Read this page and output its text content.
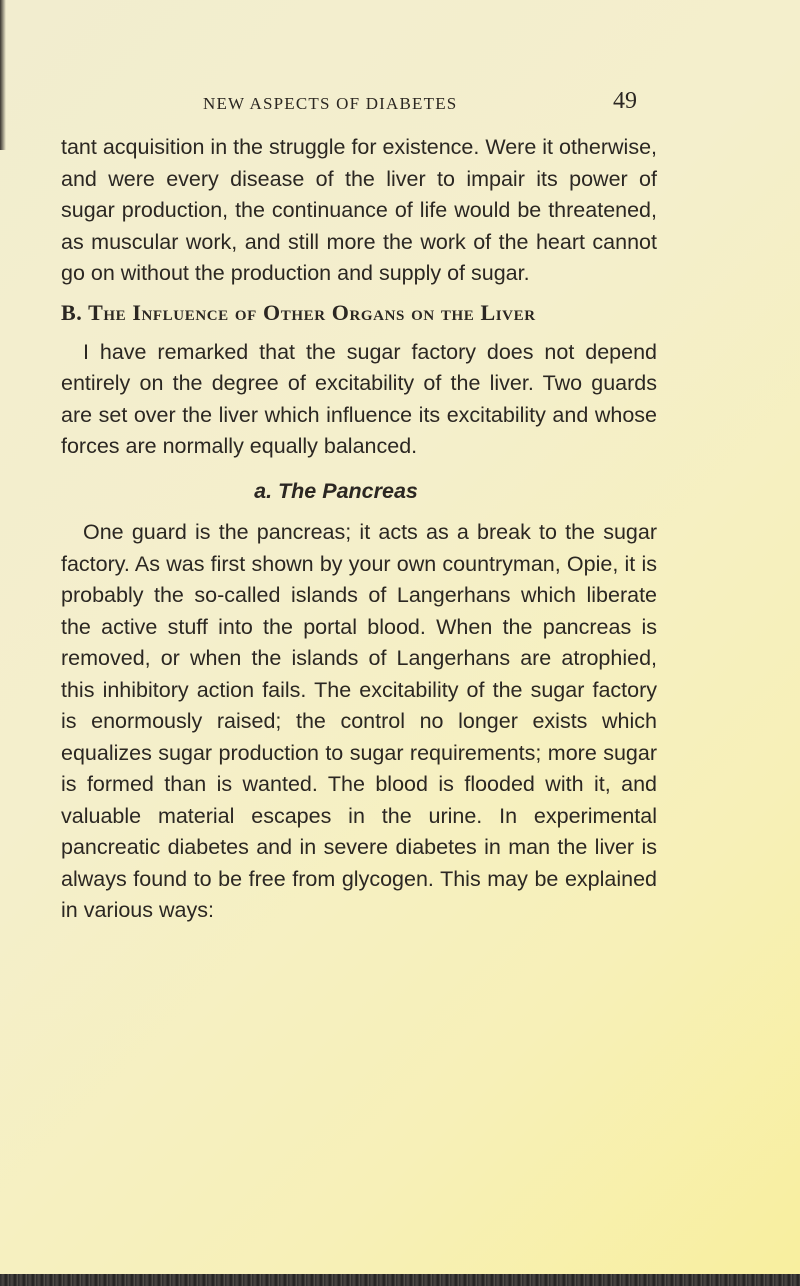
NEW ASPECTS OF DIABETES	49

tant acquisition in the struggle for existence. Were it otherwise, and were every disease of the liver to impair its power of sugar production, the continuance of life would be threatened, as muscular work, and still more the work of the heart cannot go on without the production and supply of sugar.

B. The Influence of Other Organs on the Liver

I have remarked that the sugar factory does not depend entirely on the degree of excitability of the liver. Two guards are set over the liver which influence its excitability and whose forces are normally equally balanced.

a. The Pancreas

One guard is the pancreas; it acts as a break to the sugar factory. As was first shown by your own countryman, Opie, it is probably the so-called islands of Langerhans which liberate the active stuff into the portal blood. When the pancreas is removed, or when the islands of Langerhans are atrophied, this inhibitory action fails. The excitability of the sugar factory is enormously raised; the control no longer exists which equalizes sugar production to sugar requirements; more sugar is formed than is wanted. The blood is flooded with it, and valuable material escapes in the urine. In experimental pancreatic diabetes and in severe diabetes in man the liver is always found to be free from glycogen. This may be explained in various ways:
